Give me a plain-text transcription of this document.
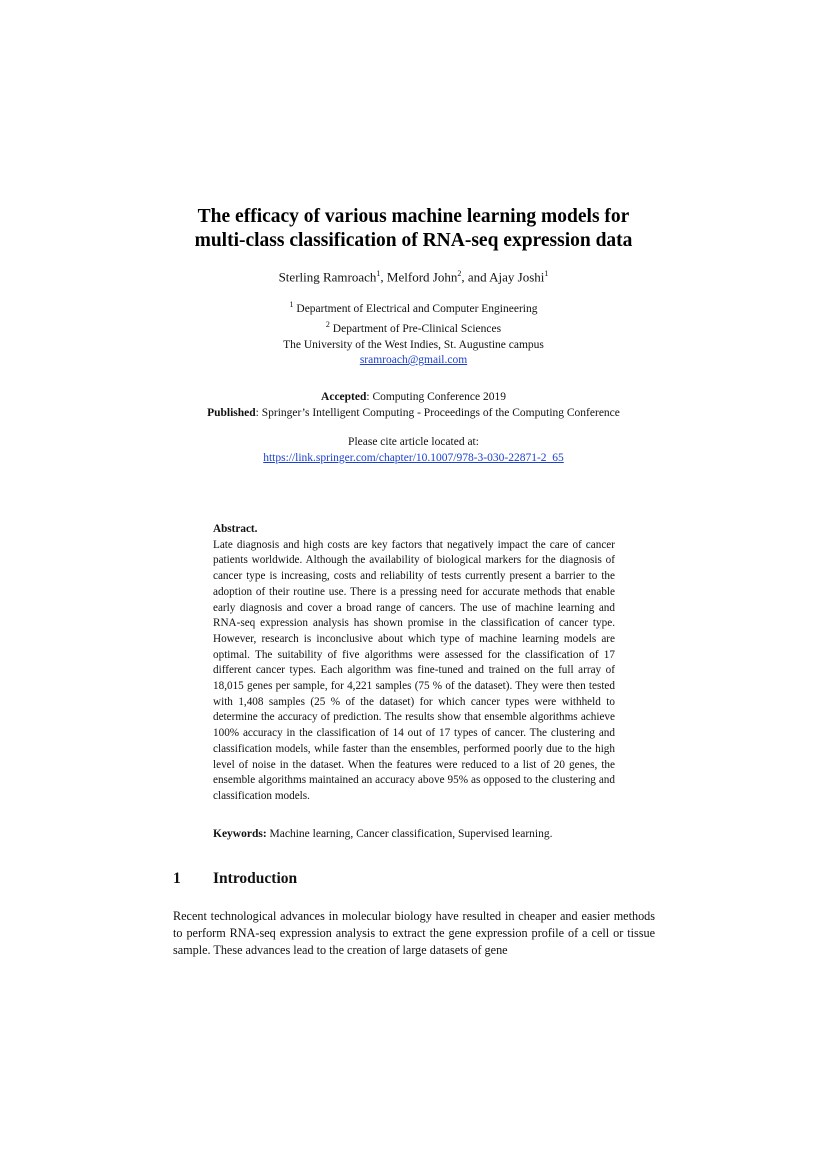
The efficacy of various machine learning models for
multi-class classification of RNA-seq expression data
Sterling Ramroach$^1$, Melford John$^2$, and Ajay Joshi$^1$
$^1$ Department of Electrical and Computer Engineering
$^2$ Department of Pre-Clinical Sciences
The University of the West Indies, St. Augustine campus
sramroach@gmail.com
Accepted: Computing Conference 2019
Published: Springer’s Intelligent Computing - Proceedings of the Computing Conference
Please cite article located at:
https://link.springer.com/chapter/10.1007/978-3-030-22871-2_65
Abstract.
Late diagnosis and high costs are key factors that negatively impact the care of cancer patients worldwide. Although the availability of biological markers for the diagnosis of cancer type is increasing, costs and reliability of tests currently present a barrier to the adoption of their routine use. There is a pressing need for accurate methods that enable early diagnosis and cover a broad range of cancers. The use of machine learning and RNA-seq expression analysis has shown promise in the classification of cancer type. However, research is inconclusive about which type of machine learning models are optimal. The suitability of five algorithms were assessed for the classification of 17 different cancer types. Each algorithm was fine-tuned and trained on the full array of 18,015 genes per sample, for 4,221 samples (75 % of the dataset). They were then tested with 1,408 samples (25 % of the dataset) for which cancer types were withheld to determine the accuracy of prediction. The results show that ensemble algorithms achieve 100% accuracy in the classification of 14 out of 17 types of cancer. The clustering and classification models, while faster than the ensembles, performed poorly due to the high level of noise in the dataset. When the features were reduced to a list of 20 genes, the ensemble algorithms maintained an accuracy above 95% as opposed to the clustering and classification models.
Keywords: Machine learning, Cancer classification, Supervised learning.
1 Introduction
Recent technological advances in molecular biology have resulted in cheaper and easier methods to perform RNA-seq expression analysis to extract the gene expression profile of a cell or tissue sample. These advances lead to the creation of large datasets of gene
